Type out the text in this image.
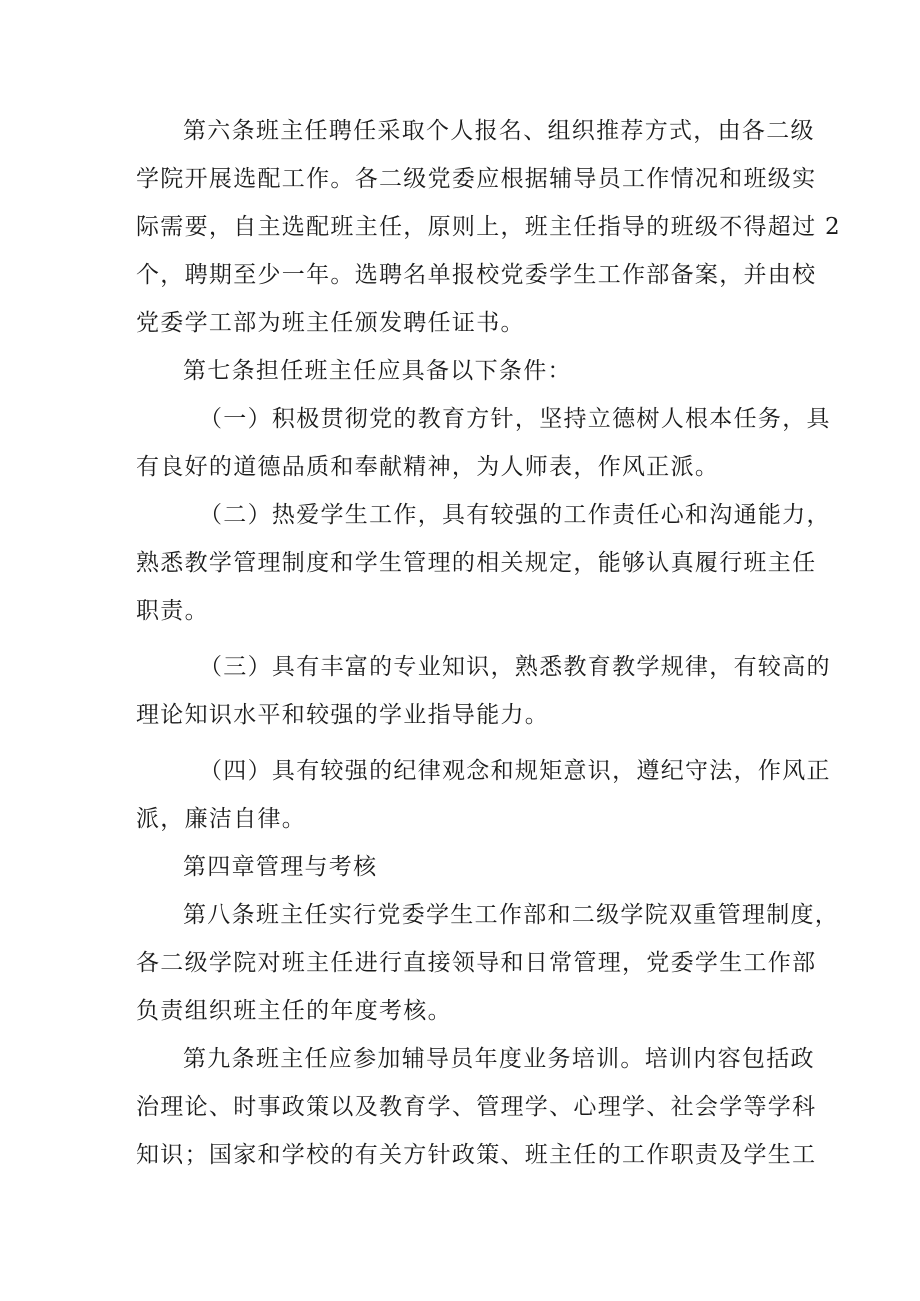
第六条班主任聘任采取个人报名、组织推荐方式，由各二级

学院开展选配工作。各二级党委应根据辅导员工作情况和班级实

际需要，自主选配班主任，原则上，班主任指导的班级不得超过 2

个，聘期至少一年。选聘名单报校党委学生工作部备案，并由校

党委学工部为班主任颁发聘任证书。

第七条担任班主任应具备以下条件：

（一）积极贯彻党的教育方针，坚持立德树人根本任务，具

有良好的道德品质和奉献精神，为人师表，作风正派。

（二）热爱学生工作，具有较强的工作责任心和沟通能力，

熟悉教学管理制度和学生管理的相关规定，能够认真履行班主任

职责。

（三）具有丰富的专业知识，熟悉教育教学规律，有较高的

理论知识水平和较强的学业指导能力。

（四）具有较强的纪律观念和规矩意识，遵纪守法，作风正

派，廉洁自律。

第四章管理与考核

第八条班主任实行党委学生工作部和二级学院双重管理制度，

各二级学院对班主任进行直接领导和日常管理，党委学生工作部

负责组织班主任的年度考核。

第九条班主任应参加辅导员年度业务培训。培训内容包括政

治理论、时事政策以及教育学、管理学、心理学、社会学等学科

知识；国家和学校的有关方针政策、班主任的工作职责及学生工
